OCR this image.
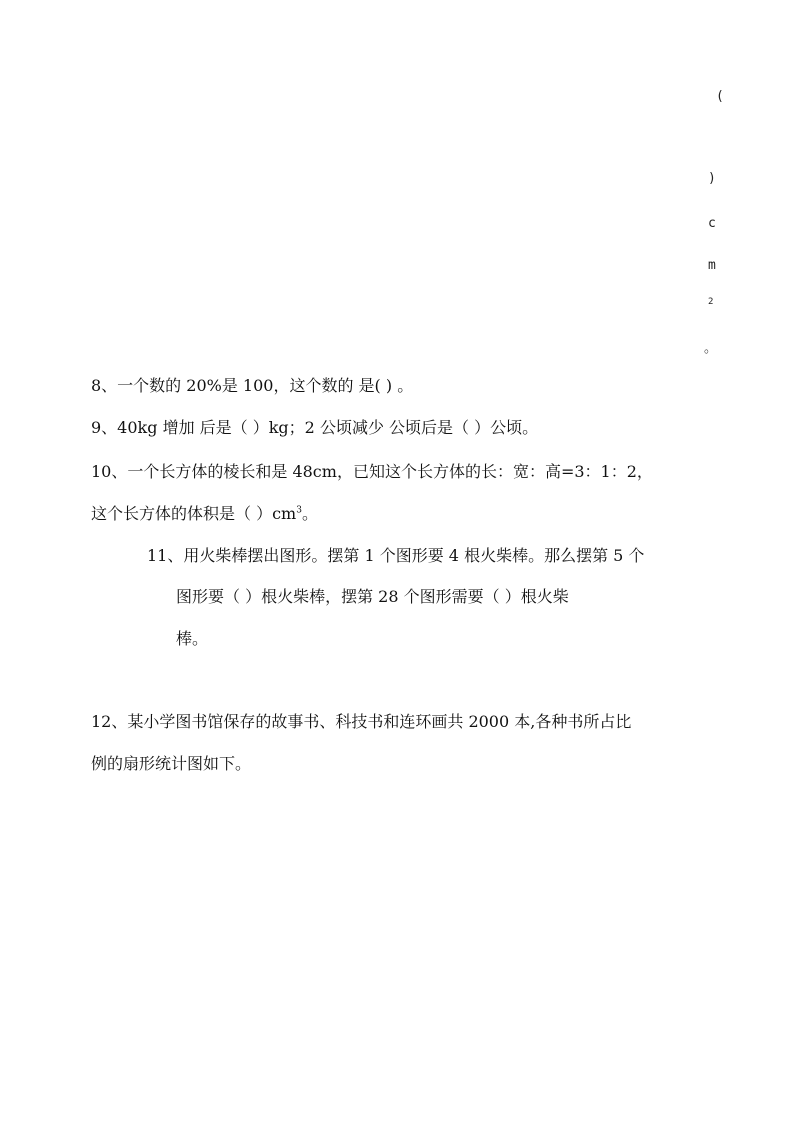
(
)
c
m
2
。
8、一个数的 20%是 100，这个数的 是( ) 。
9、40kg 增加 后是（ ）kg；2 公顷减少 公顷后是（ ）公顷。
10、一个长方体的棱长和是 48cm，已知这个长方体的长：宽：高=3：1：2，
这个长方体的体积是（ ）$cm^3$。
11、用火柴棒摆出图形。摆第 1 个图形要 4 根火柴棒。那么摆第 5 个
图形要（ ）根火柴棒，摆第 28 个图形需要（ ）根火柴
棒。
12、某小学图书馆保存的故事书、科技书和连环画共 2000 本,各种书所占比
例的扇形统计图如下。
